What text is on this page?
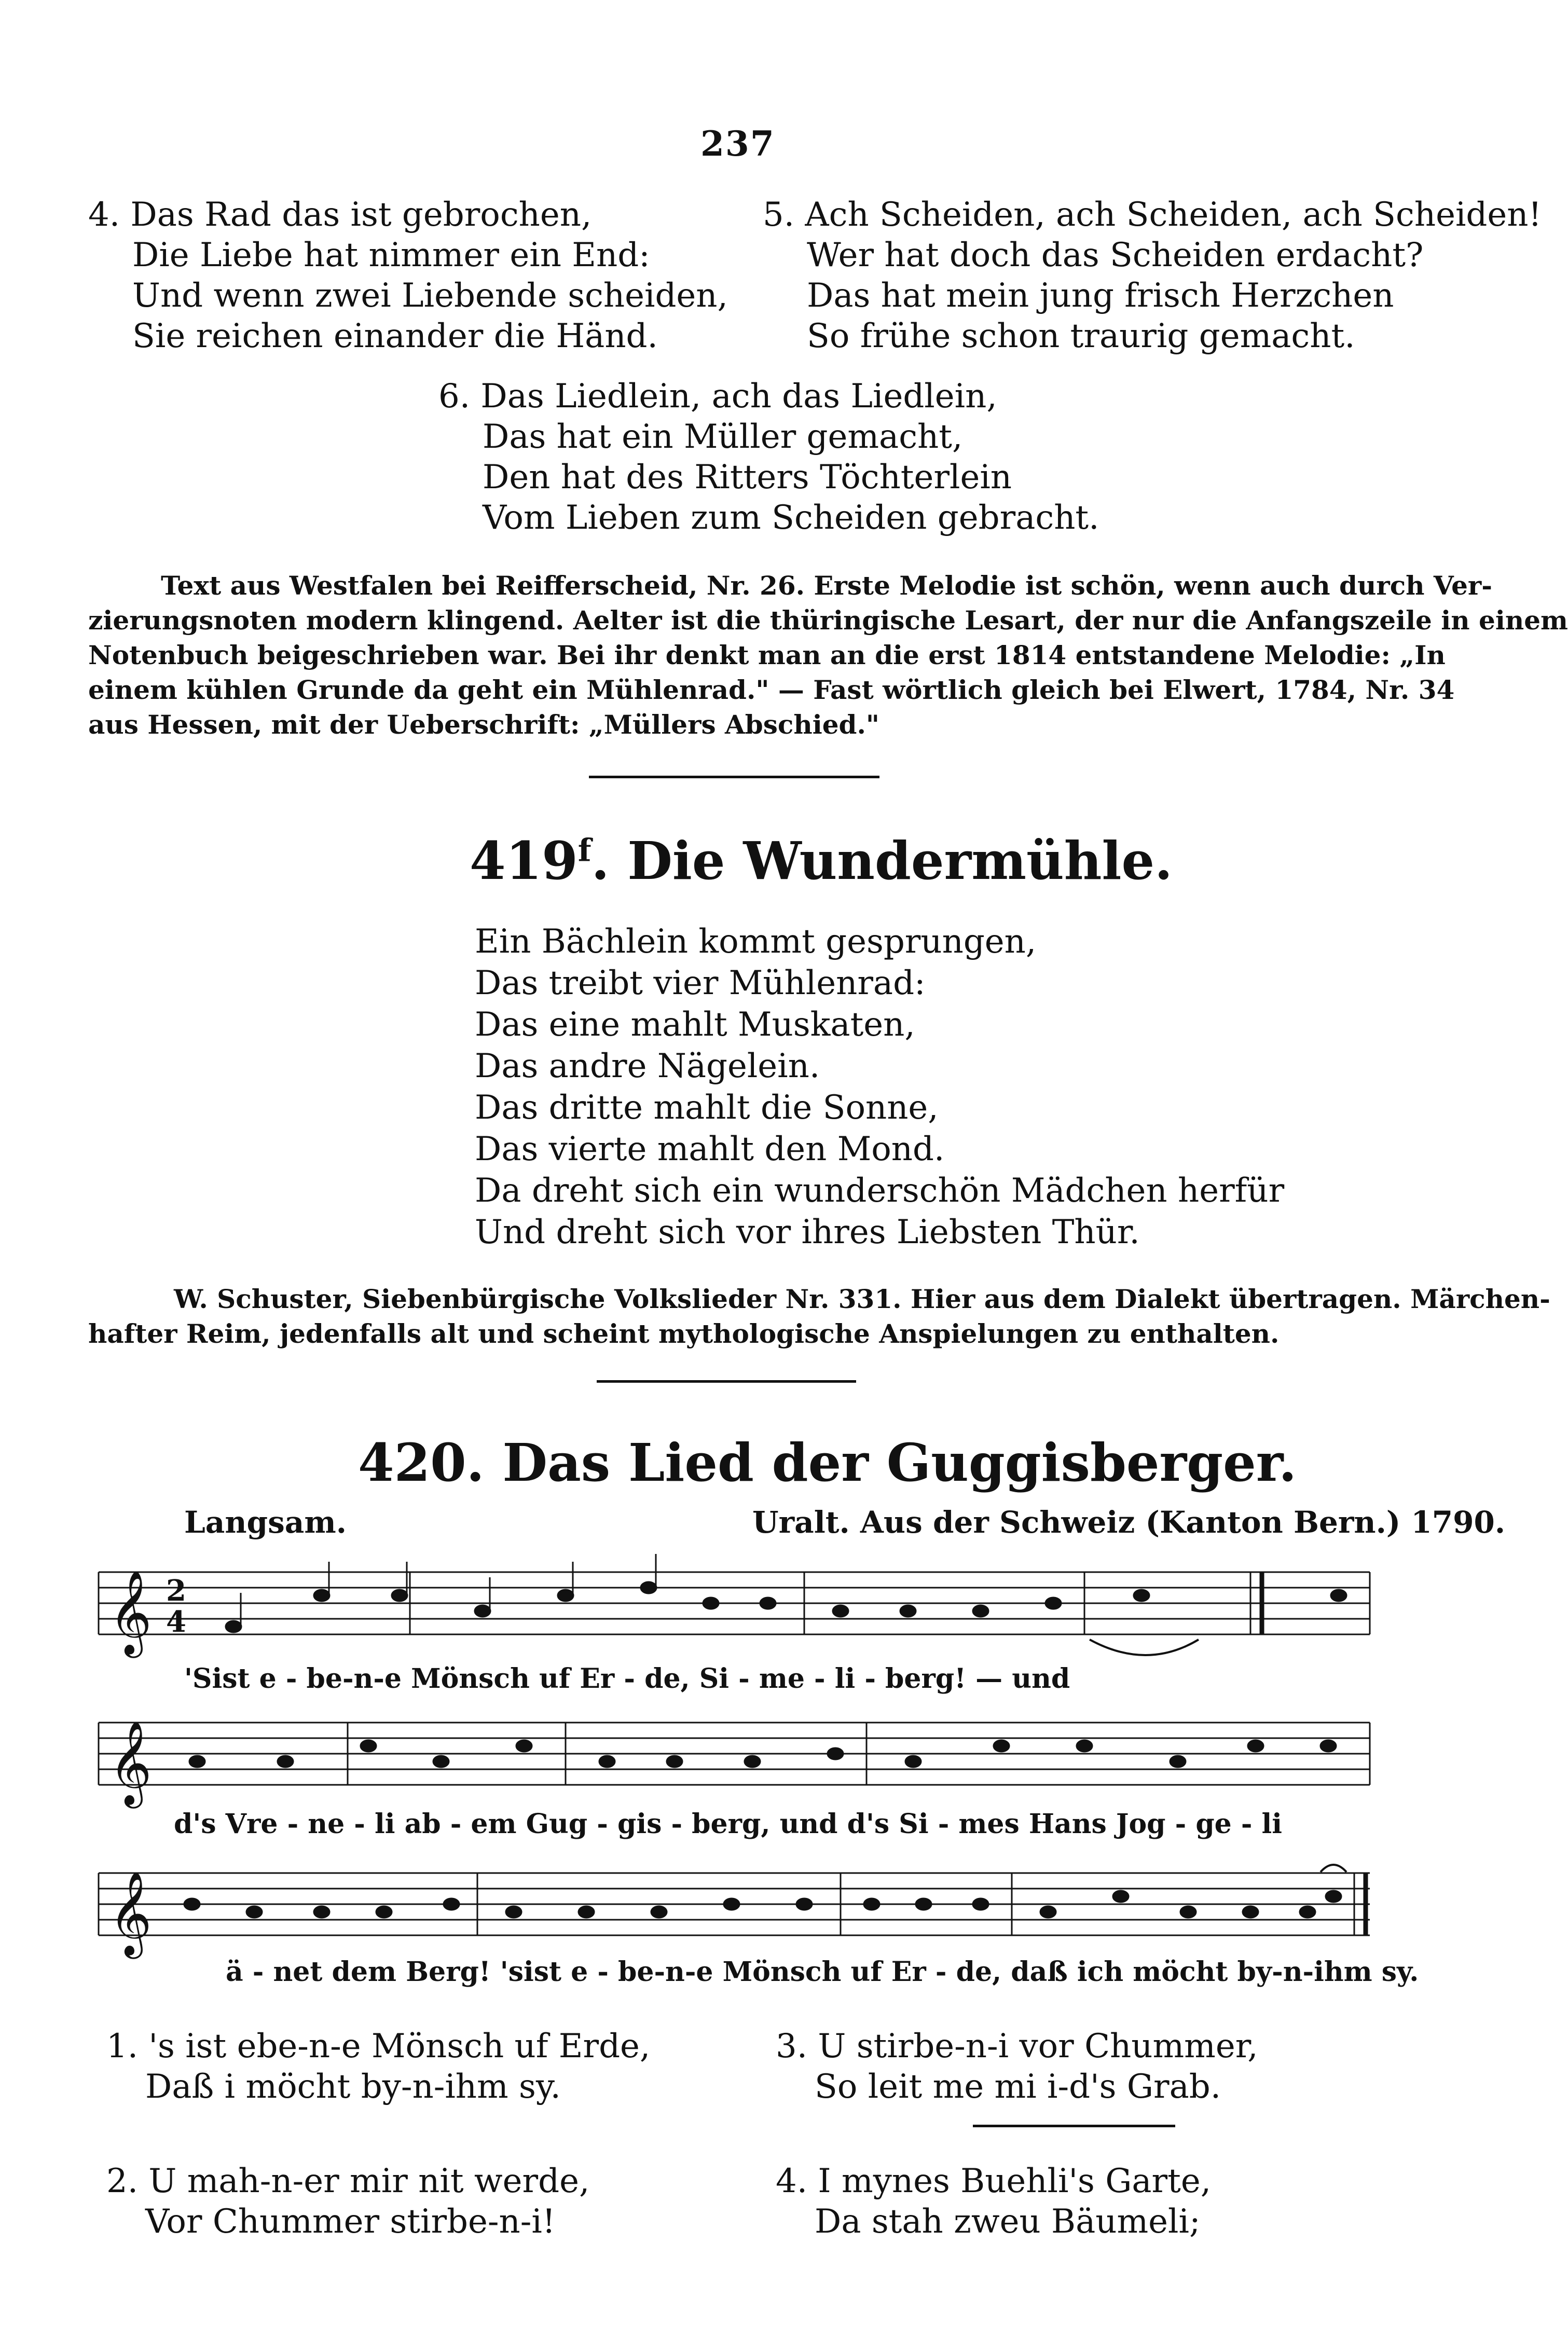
237
4. Das Rad das ist gebrochen,
Die Liebe hat nimmer ein End:
Und wenn zwei Liebende scheiden,
Sie reichen einander die Händ.
5. Ach Scheiden, ach Scheiden, ach Scheiden!
Wer hat doch das Scheiden erdacht?
Das hat mein jung frisch Herzchen
So frühe schon traurig gemacht.
6. Das Liedlein, ach das Liedlein,
Das hat ein Müller gemacht,
Den hat des Ritters Töchterlein
Vom Lieben zum Scheiden gebracht.
Text aus Westfalen bei Reifferscheid, Nr. 26. Erste Melodie ist schön, wenn auch durch Ver-
zierungsnoten modern klingend. Aelter ist die thüringische Lesart, der nur die Anfangszeile in einem
Notenbuch beigeschrieben war. Bei ihr denkt man an die erst 1814 entstandene Melodie: „In
einem kühlen Grunde da geht ein Mühlenrad." — Fast wörtlich gleich bei Elwert, 1784, Nr. 34
aus Hessen, mit der Ueberschrift: „Müllers Abschied."
419$^f$. Die Wundermühle.
Ein Bächlein kommt gesprungen,
Das treibt vier Mühlenrad:
Das eine mahlt Muskaten,
Das andre Nägelein.
Das dritte mahlt die Sonne,
Das vierte mahlt den Mond.
Da dreht sich ein wunderschön Mädchen herfür
Und dreht sich vor ihres Liebsten Thür.
W. Schuster, Siebenbürgische Volkslieder Nr. 331. Hier aus dem Dialekt übertragen. Märchen-
hafter Reim, jedenfalls alt und scheint mythologische Anspielungen zu enthalten.
420. Das Lied der Guggisberger.
Langsam.	Uralt. Aus der Schweiz (Kanton Bern.) 1790.
𝄞 2
4
'Sist e - be-n-e Mönsch uf Er - de, Si - me - li - berg! — und
𝄞
d's Vre - ne - li ab - em Gug - gis - berg, und d's Si - mes Hans Jog - ge - li
𝄞
ä - net dem Berg! 'sist e - be-n-e Mönsch uf Er - de, daß ich möcht by-n-ihm sy.
1. 's ist ebe-n-e Mönsch uf Erde,
Daß i möcht by-n-ihm sy.
3. U stirbe-n-i vor Chummer,
So leit me mi i-d's Grab.
2. U mah-n-er mir nit werde,
Vor Chummer stirbe-n-i!
4. I mynes Buehli's Garte,
Da stah zweu Bäumeli;
